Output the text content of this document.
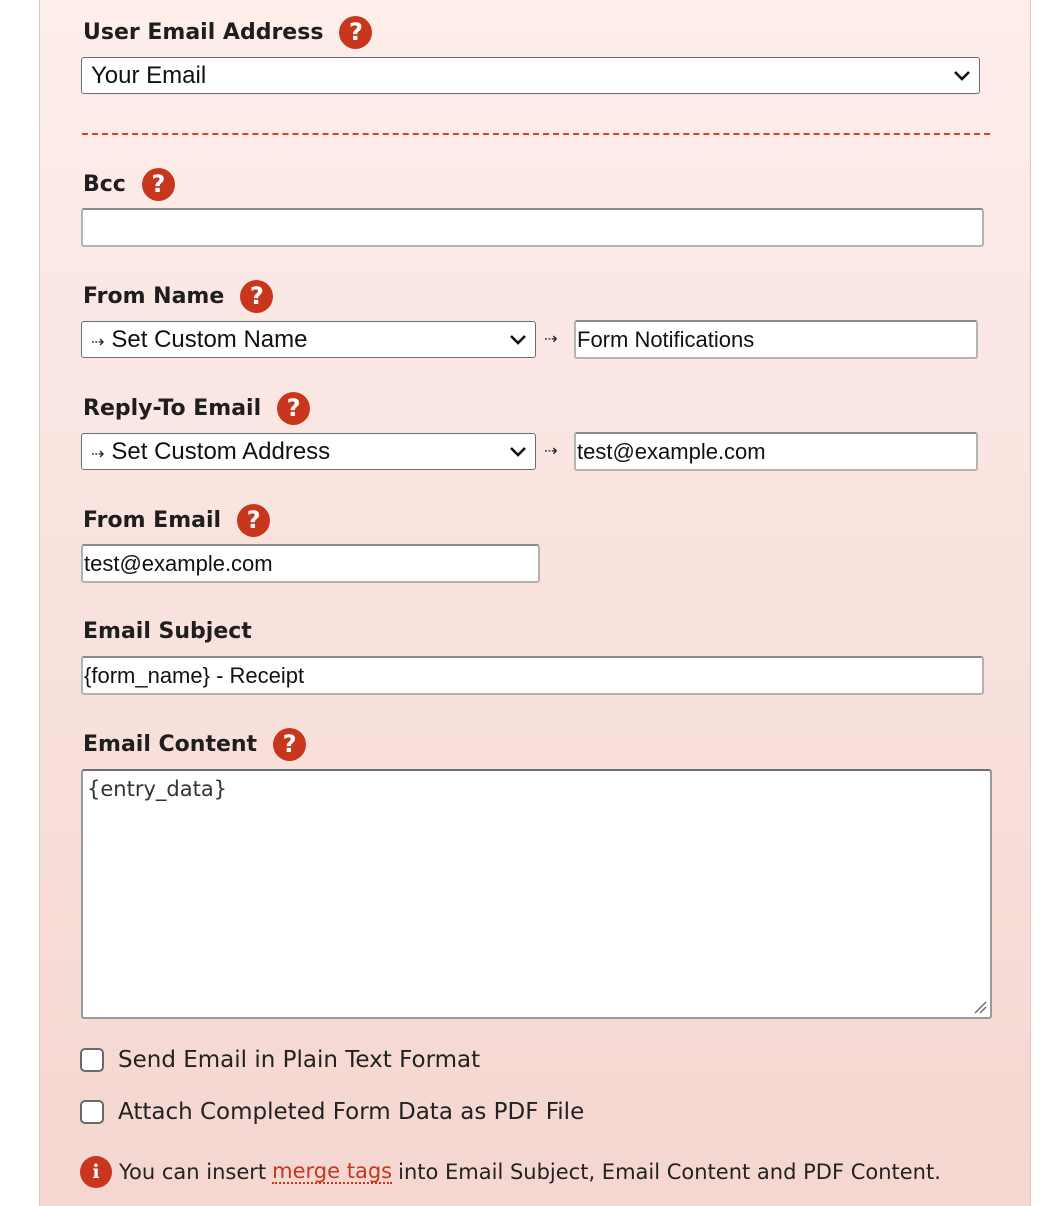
User Email Address	?
Your Email
Bcc	?
From Name	?
⇢ Set Custom Name	⇢ Form Notifications
Reply-To Email	?
⇢ Set Custom Address	⇢ test@example.com
From Email	?
test@example.com
Email Subject
{form_name} - Receipt
Email Content	?
{entry_data}
Send Email in Plain Text Format
Attach Completed Form Data as PDF File
i You can insert merge tags into Email Subject, Email Content and PDF Content.
